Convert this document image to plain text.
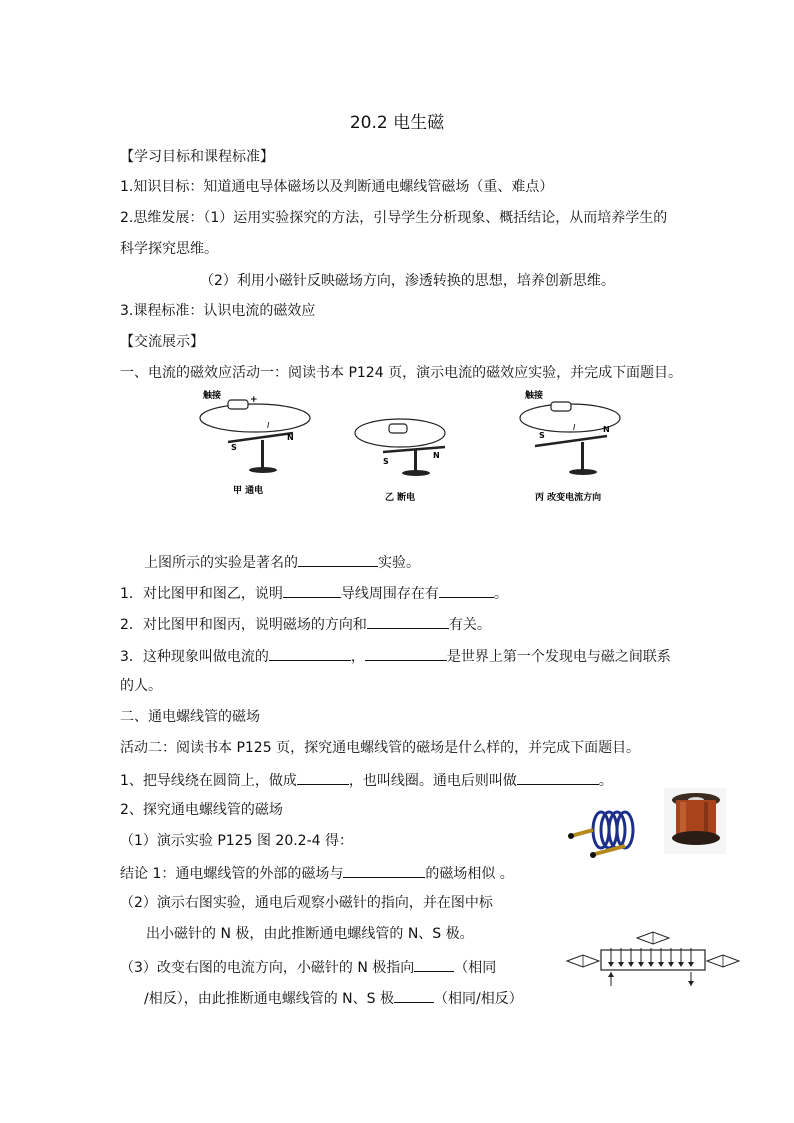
20.2 电生磁
【学习目标和课程标准】
1.知识目标：知道通电导体磁场以及判断通电螺线管磁场（重、难点）
2.思维发展：（1）运用实验探究的方法，引导学生分析现象、概括结论，从而培养学生的
科学探究思维。
（2）利用小磁针反映磁场方向，渗透转换的思想，培养创新思维。
3.课程标准：认识电流的磁效应
【交流展示】
一、电流的磁效应活动一：阅读书本 P124 页，演示电流的磁效应实验，并完成下面题目。
S
N
I
+
触接
甲 通电
S
N
乙 断电
S
N
I
触接
丙 改变电流方向
上图所示的实验是著名的	实验。
1．对比图甲和图乙，说明	导线周围存在有	。
2．对比图甲和图丙，说明磁场的方向和	有关。
3．这种现象叫做电流的	，	是世界上第一个发现电与磁之间联系
的人。
二、通电螺线管的磁场
活动二：阅读书本 P125 页，探究通电螺线管的磁场是什么样的，并完成下面题目。
1、把导线绕在圆筒上，做成	，也叫线圈。通电后则叫做	。
2、探究通电螺线管的磁场
（1）演示实验 P125 图 20.2-4 得：
结论 1：通电螺线管的外部的磁场与	的磁场相似 。
（2）演示右图实验，通电后观察小磁针的指向，并在图中标
出小磁针的 N 极，由此推断通电螺线管的 N、S 极。
（3）改变右图的电流方向，小磁针的 N 极指向	（相同
/相反），由此推断通电螺线管的 N、S 极	（相同/相反）
